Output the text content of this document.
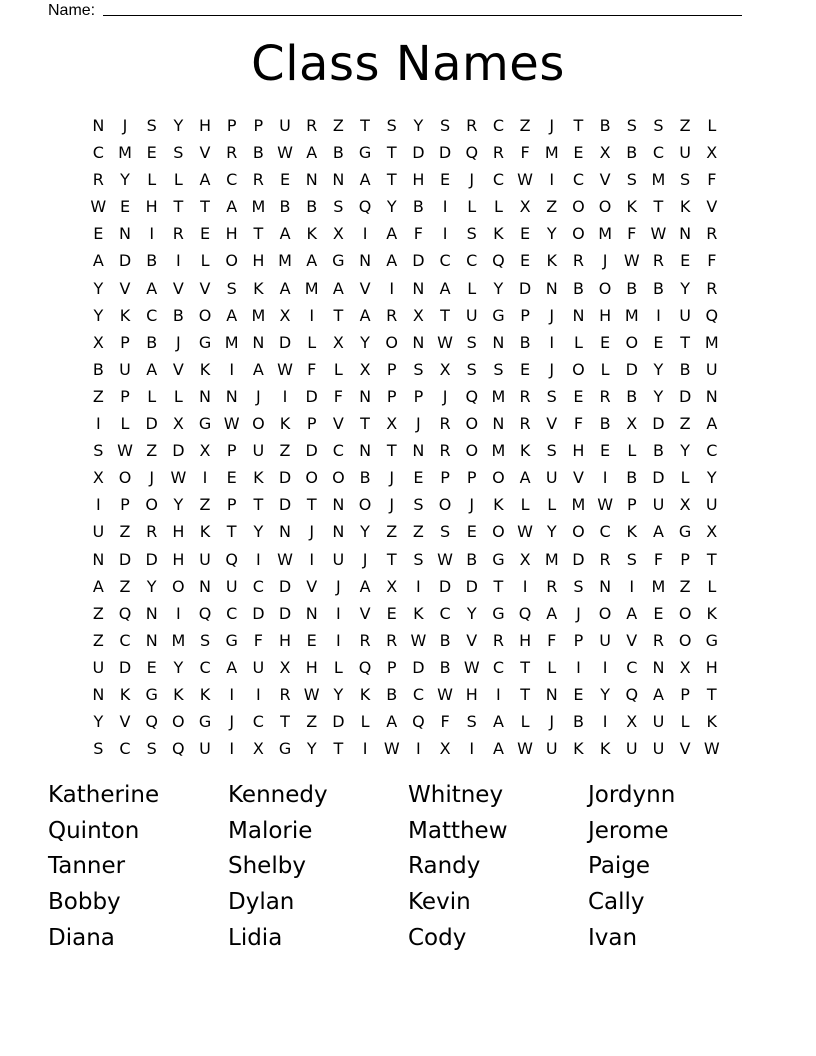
Name:
Class Names
N	J	S	Y H P	P U R Z	T	S	Y	S	R C Z	J	T	B	S	S	Z	L
C M E	S	V R B W A B G T D D Q R	F M E	X B C U X
R	Y	L	L	A C R	E N N A	T H E	J	C W	I	C V	S M S	F
W E H T	T	A M B B	S Q Y	B	I	L	L	X Z O O K	T	K V
E N	I	R	E H T	A K X	I	A	F	I	S	K	E	Y O M F W N R
A D B	I	L O H M A G N A D C C Q E	K R	J	W R	E	F
Y	V A V V	S	K A M A V	I	N A	L	Y D N B O B B	Y	R
Y	K C B O A M X	I	T	A R X	T U G P	J	N H M	I	U Q
X	P	B	J	G M N D	L	X	Y O N W S N B	I	L	E O E	T M
B U A V K	I	A W F	L	X	P	S	X	S	S	E	J	O L	D Y	B U
Z	P	L	L	N N	J	I	D F	N P	P	J	Q M R	S	E	R B	Y D N
I	L	D X G W O K	P	V	T	X	J	R O N R V	F	B X D Z A
S W Z D X	P U Z D C N T N R O M K	S H E	L	B	Y	C
X O	J	W	I	E	K D O O B	J	E	P	P O A U V	I	B D	L	Y
I	P O Y	Z	P	T D T N O	J	S O	J	K	L	L M W P U X U
U Z R H K	T	Y N	J	N Y	Z Z	S	E O W Y O C K A G X
N D D H U Q	I	W	I	U	J	T	S W B G X M D R	S	F	P	T
A Z	Y O N U C D V	J	A X	I	D D T	I	R	S N	I	M Z	L
Z Q N	I	Q C D D N	I	V	E	K C	Y G Q A	J	O A	E O K
Z C N M S G F	H E	I	R R W B V R H	F	P U V R O G
U D E	Y	C A U X H	L Q P D B W C	T	L	I	I	C N X H
N K G K	K	I	I	R W Y	K B C W H	I	T N E	Y Q A	P	T
Y	V Q O G	J	C	T	Z D	L	A Q F	S	A	L	J	B	I	X U	L	K
S	C	S Q U	I	X G Y	T	I	W	I	X	I	A W U K	K U U V W
Katherine	Kennedy	Whitney	Jordynn
Quinton	Malorie	Matthew	Jerome
Tanner	Shelby	Randy	Paige
Bobby	Dylan	Kevin	Cally
Diana	Lidia	Cody	Ivan
